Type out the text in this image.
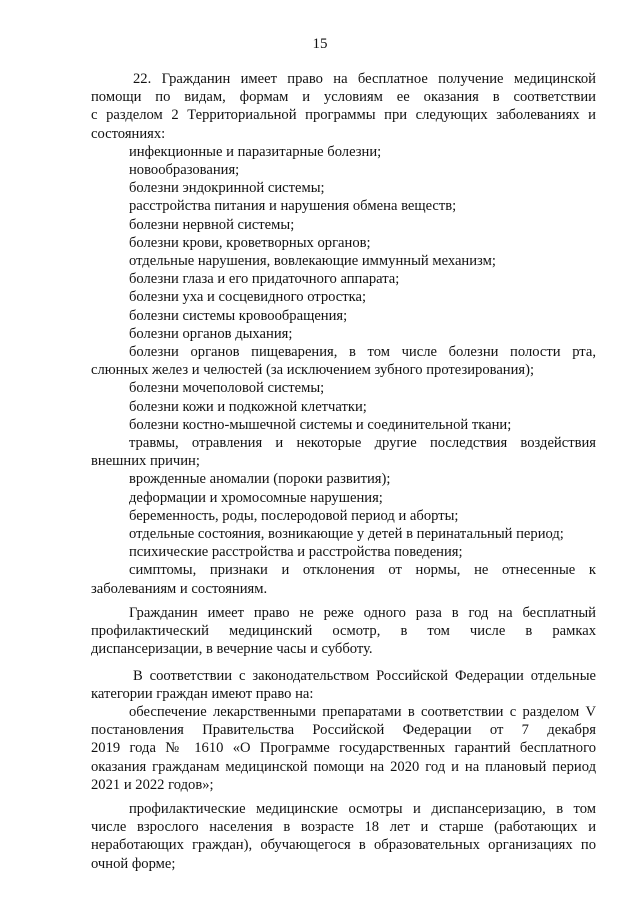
15

22. Гражданин имеет право на бесплатное получение медицинской

помощи по видам, формам и условиям ее оказания в соответствии

с разделом 2 Территориальной программы при следующих заболеваниях и

состояниях:

инфекционные и паразитарные болезни;

новообразования;

болезни эндокринной системы;

расстройства питания и нарушения обмена веществ;

болезни нервной системы;

болезни крови, кроветворных органов;

отдельные нарушения, вовлекающие иммунный механизм;

болезни глаза и его придаточного аппарата;

болезни уха и сосцевидного отростка;

болезни системы кровообращения;

болезни органов дыхания;

болезни органов пищеварения, в том числе болезни полости рта,

слюнных желез и челюстей (за исключением зубного протезирования);

болезни мочеполовой системы;

болезни кожи и подкожной клетчатки;

болезни костно-мышечной системы и соединительной ткани;

травмы, отравления и некоторые другие последствия воздействия

внешних причин;

врожденные аномалии (пороки развития);

деформации и хромосомные нарушения;

беременность, роды, послеродовой период и аборты;

отдельные состояния, возникающие у детей в перинатальный период;

психические расстройства и расстройства поведения;

симптомы, признаки и отклонения от нормы, не отнесенные к

заболеваниям и состояниям.

Гражданин имеет право не реже одного раза в год на бесплатный

профилактический медицинский осмотр, в том числе в рамках

диспансеризации, в вечерние часы и субботу.

В соответствии с законодательством Российской Федерации отдельные

категории граждан имеют право на:

обеспечение лекарственными препаратами в соответствии с разделом V

постановления Правительства Российской Федерации от 7 декабря

2019 года № 1610 «О Программе государственных гарантий бесплатного

оказания гражданам медицинской помощи на 2020 год и на плановый период

2021 и 2022 годов»;

профилактические медицинские осмотры и диспансеризацию, в том

числе взрослого населения в возрасте 18 лет и старше (работающих и

неработающих граждан), обучающегося в образовательных организациях по

очной форме;
